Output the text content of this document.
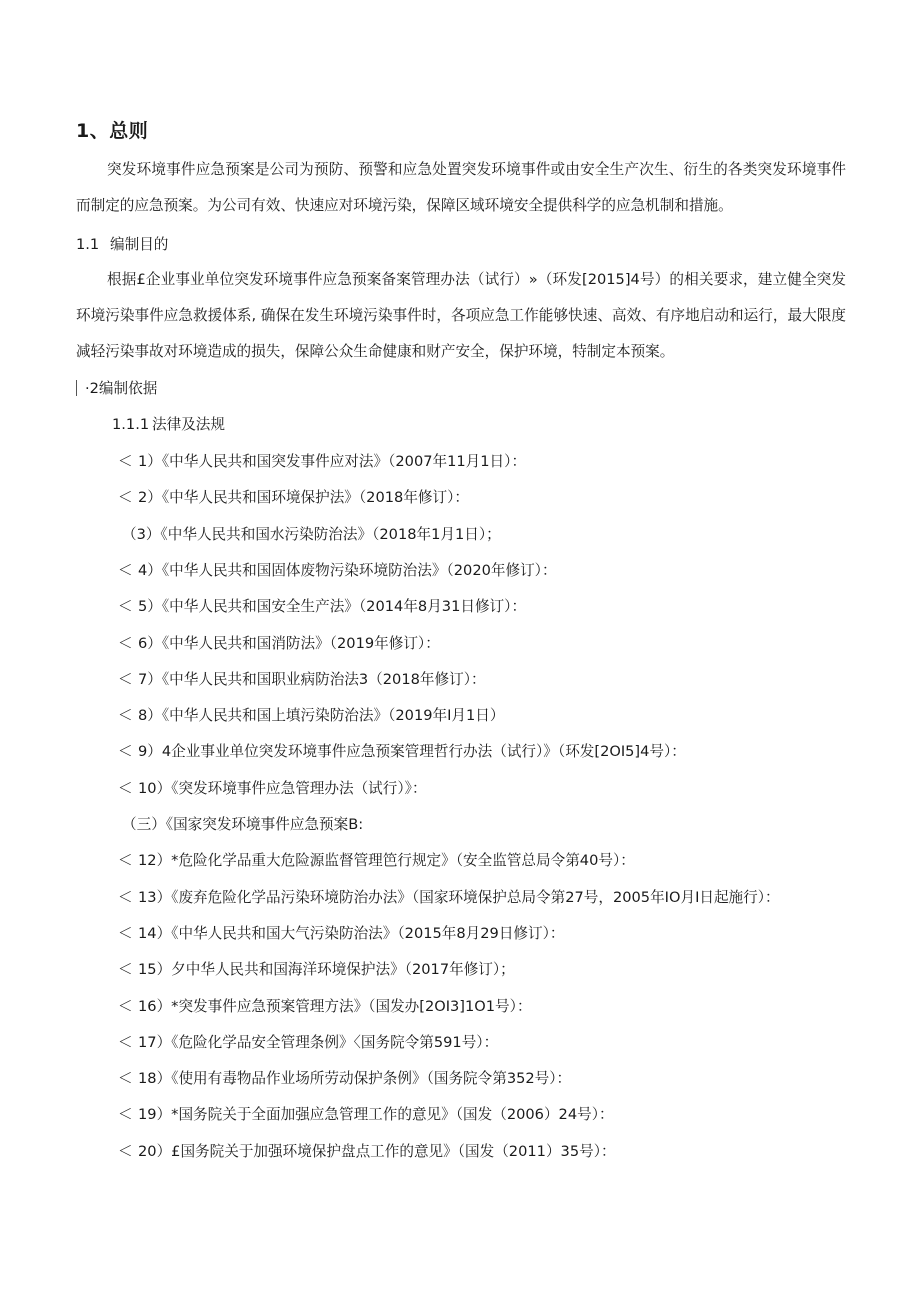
1、总则
突发环境事件应急预案是公司为预防、预警和应急处置突发环境事件或由安全生产次生、衍生的各类突发环境事件而制定的应急预案。为公司有效、快速应对环境污染，保障区域环境安全提供科学的应急机制和措施。
1.1 编制目的
根据£企业事业单位突发环境事件应急预案备案管理办法（试行）»（环发[2015]4号）的相关要求，建立健全突发环境污染事件应急救援体系, 确保在发生环境污染事件时，各项应急工作能够快速、高效、有序地启动和运行，最大限度减轻污染事故对环境造成的损失，保障公众生命健康和财产安全，保护环境，特制定本预案。
·2编制依据
1.1.1 法律及法规
＜ 1）《中华人民共和国突发事件应对法》（2007年11月1日）：
＜ 2）《中华人民共和国环境保护法》（2018年修订）：
（3）《中华人民共和国水污染防治法》（2018年1月1日）；
＜ 4）《中华人民共和国固体废物污染环境防治法》（2020年修订）：
＜ 5）《中华人民共和国安全生产法》（2014年8月31日修订）：
＜ 6）《中华人民共和国消防法》（2019年修订）：
＜ 7）《中华人民共和国职业病防治法3（2018年修订）：
＜ 8）《中华人民共和国上填污染防治法》（2019年I月1日）
＜ 9）4企业事业单位突发环境事件应急预案管理哲行办法（试行）》（环发[2OI5]4号）：
＜ 10）《突发环境事件应急管理办法（试行）》：
（三）《国家突发环境事件应急预案B:
＜ 12）*危险化学品重大危险源监督管理笆行规定》（安全监管总局令第40号）：
＜ 13）《废弃危险化学品污染环境防治办法》（国家环境保护总局令第27号，2005年IO月I日起施行）：
＜ 14）《中华人民共和国大气污染防治法》（2015年8月29日修订）：
＜ 15）夕中华人民共和国海洋环境保护法》（2017年修订）；
＜ 16）*突发事件应急预案管理方法》（国发办[2OI3]1O1号）：
＜ 17）《危险化学品安全管理条例》〈国务院令第591号）：
＜ 18）《使用有毒物品作业场所劳动保护条例》（国务院令第352号）：
＜ 19）*国务院关于全面加强应急管理工作的意见》（国发（2006）24号）：
＜ 20）£国务院关于加强环境保护盘点工作的意见》（国发（2011）35号）：
